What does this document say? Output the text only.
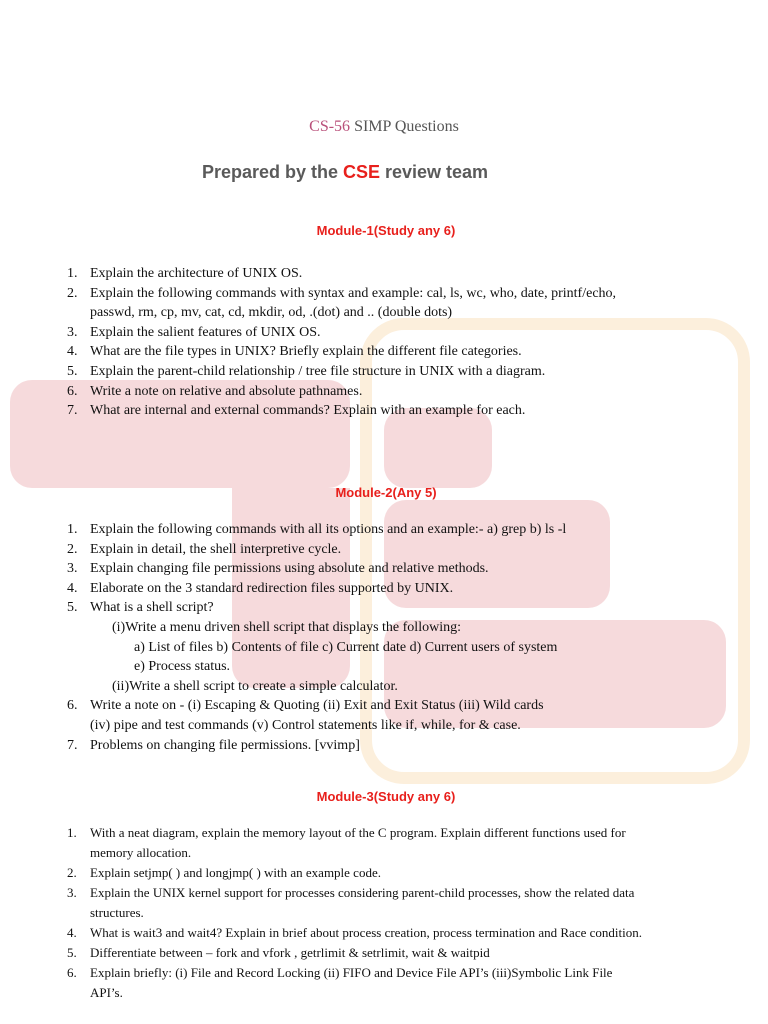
CS-56 SIMP Questions
Prepared by the CSE review team
Module-1(Study any 6)
1. Explain the architecture of UNIX OS.
2. Explain the following commands with syntax and example: cal, ls, wc, who, date, printf/echo,
passwd, rm, cp, mv, cat, cd, mkdir, od, .(dot) and .. (double dots)
3. Explain the salient features of UNIX OS.
4. What are the file types in UNIX? Briefly explain the different file categories.
5. Explain the parent-child relationship / tree file structure in UNIX with a diagram.
6. Write a note on relative and absolute pathnames.
7. What are internal and external commands? Explain with an example for each.
Module-2(Any 5)
1. Explain the following commands with all its options and an example:- a) grep b) ls -l
2. Explain in detail, the shell interpretive cycle.
3. Explain changing file permissions using absolute and relative methods.
4. Elaborate on the 3 standard redirection files supported by UNIX.
5. What is a shell script?
(i)Write a menu driven shell script that displays the following:
a) List of files b) Contents of file c) Current date d) Current users of system
e) Process status.
(ii)Write a shell script to create a simple calculator.
6. Write a note on - (i) Escaping & Quoting (ii) Exit and Exit Status (iii) Wild cards
(iv) pipe and test commands (v) Control statements like if, while, for & case.
7. Problems on changing file permissions. [vvimp]
Module-3(Study any 6)
1. With a neat diagram, explain the memory layout of the C program. Explain different functions used for
memory allocation.
2. Explain setjmp( ) and longjmp( ) with an example code.
3. Explain the UNIX kernel support for processes considering parent-child processes, show the related data
structures.
4. What is wait3 and wait4? Explain in brief about process creation, process termination and Race condition.
5. Differentiate between – fork and vfork , getrlimit & setrlimit, wait & waitpid
6. Explain briefly: (i) File and Record Locking (ii) FIFO and Device File API’s (iii)Symbolic Link File
API’s.
